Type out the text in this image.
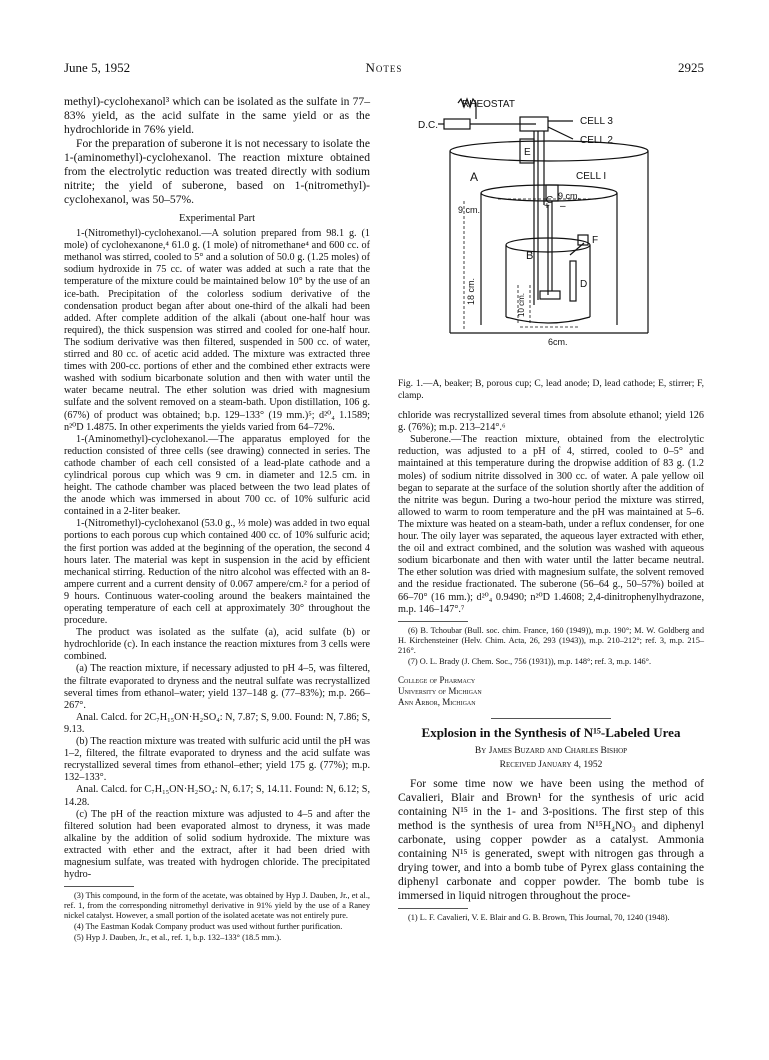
June 5, 1952	Notes	2925

methyl)-cyclohexanol³ which can be isolated as the sulfate in 77–83% yield, as the acid sulfate in the same yield or as the hydrochloride in 76% yield.

For the preparation of suberone it is not necessary to isolate the 1-(aminomethyl)-cyclohexanol. The reaction mixture obtained from the electrolytic reduction was treated directly with sodium nitrite; the yield of suberone, based on 1-(nitromethyl)-cyclohexanol, was 50–57%.

Experimental Part

1-(Nitromethyl)-cyclohexanol.—A solution prepared from 98.1 g. (1 mole) of cyclohexanone,⁴ 61.0 g. (1 mole) of nitromethane⁴ and 600 cc. of methanol was stirred, cooled to 5° and a solution of 50.0 g. (1.25 moles) of sodium hydroxide in 75 cc. of water was added at such a rate that the temperature of the mixture could be maintained below 10° by the use of an ice-bath. Precipitation of the colorless sodium derivative of the condensation product began after about one-third of the alkali had been added. After complete addition of the alkali (about one-half hour was required), the thick suspension was stirred and cooled for one-half hour. The sodium derivative was then filtered, suspended in 500 cc. of water, stirred and 80 cc. of acetic acid added. The mixture was extracted three times with 200-cc. portions of ether and the combined ether extracts were washed with sodium bicarbonate solution and then with water until the water became neutral. The ether solution was dried with magnesium sulfate and the solvent removed on a steam-bath. Upon distillation, 106 g. (67%) of product was obtained; b.p. 129–133° (19 mm.)⁵; d²⁰₄ 1.1589; n²⁰D 1.4875. In other experiments the yields varied from 64–72%.

1-(Aminomethyl)-cyclohexanol.—The apparatus employed for the reduction consisted of three cells (see drawing) connected in series. The cathode chamber of each cell consisted of a lead-plate cathode and a cylindrical porous cup which was 9 cm. in diameter and 12.5 cm. in height. The cathode chamber was placed between the two lead plates of the anode which was immersed in about 700 cc. of 10% sulfuric acid contained in a 2-liter beaker.

1-(Nitromethyl)-cyclohexanol (53.0 g., ⅓ mole) was added in two equal portions to each porous cup which contained 400 cc. of 10% sulfuric acid; the first portion was added at the beginning of the operation, the second 4 hours later. The material was kept in suspension in the acid by efficient mechanical stirring. Reduction of the nitro alcohol was effected with an 8-ampere current and a current density of 0.067 ampere/cm.² for a period of 9 hours. Continuous water-cooling around the beakers maintained the operating temperature of each cell at approximately 30° throughout the procedure.

The product was isolated as the sulfate (a), acid sulfate (b) or hydrochloride (c). In each instance the reaction mixtures from 3 cells were combined.

(a) The reaction mixture, if necessary adjusted to pH 4–5, was filtered, the filtrate evaporated to dryness and the neutral sulfate was recrystallized several times from ethanol–water; yield 137–148 g. (77–83%); m.p. 266–267°.

Anal. Calcd. for 2C₇H₁₅ON·H₂SO₄: N, 7.87; S, 9.00. Found: N, 7.86; S, 9.13.

(b) The reaction mixture was treated with sulfuric acid until the pH was 1–2, filtered, the filtrate evaporated to dryness and the acid sulfate was recrystallized several times from ethanol–ether; yield 175 g. (77%); m.p. 132–133°.

Anal. Calcd. for C₇H₁₅ON·H₂SO₄: N, 6.17; S, 14.11. Found: N, 6.12; S, 14.28.

(c) The pH of the reaction mixture was adjusted to 4–5 and after the filtered solution had been evaporated almost to dryness, it was made alkaline by the addition of solid sodium hydroxide. The mixture was extracted with ether and the extract, after it had been dried with magnesium sulfate, was treated with hydrogen chloride. The precipitated hydro-

(3) This compound, in the form of the acetate, was obtained by Hyp J. Dauben, Jr., et al., ref. 1, from the corresponding nitromethyl derivative in 91% yield by the use of a Raney nickel catalyst. However, a small portion of the isolated acetate was not entirely pure.

(4) The Eastman Kodak Company product was used without further purification.

(5) Hyp J. Dauben, Jr., et al., ref. 1, b.p. 132–133° (18.5 mm.).

RHEOSTAT
D.C.	CELL 3
CELL 2
CELL I
A
E
C
+ –
9 cm.
9 cm.
B
F
D
6cm.
18 cm.	10 cm.
Fig. 1.—A, beaker; B, porous cup; C, lead anode; D, lead cathode; E, stirrer; F, clamp.

chloride was recrystallized several times from absolute ethanol; yield 126 g. (76%); m.p. 213–214°.⁶

Suberone.—The reaction mixture, obtained from the electrolytic reduction, was adjusted to a pH of 4, stirred, cooled to 0–5° and maintained at this temperature during the dropwise addition of 83 g. (1.2 moles) of sodium nitrite dissolved in 300 cc. of water. A pale yellow oil began to separate at the surface of the solution shortly after the addition of the nitrite was begun. During a two-hour period the mixture was stirred, allowed to warm to room temperature and the pH was maintained at 5–6. The mixture was heated on a steam-bath, under a reflux condenser, for one hour. The oily layer was separated, the aqueous layer extracted with ether, the oil and extract combined, and the solution was washed with aqueous sodium bicarbonate and then with water until the latter became neutral. The ether solution was dried with magnesium sulfate, the solvent removed and the residue fractionated. The suberone (56–64 g., 50–57%) boiled at 66–70° (16 mm.); d²⁰₄ 0.9490; n²⁰D 1.4608; 2,4-dinitrophenylhydrazone, m.p. 146–147°.⁷

(6) B. Tchoubar (Bull. soc. chim. France, 160 (1949)), m.p. 190°; M. W. Goldberg and H. Kirchensteiner (Helv. Chim. Acta, 26, 293 (1943)), m.p. 210–212°; ref. 3, m.p. 215–216°.

(7) O. L. Brady (J. Chem. Soc., 756 (1931)), m.p. 148°; ref. 3, m.p. 146°.

College of Pharmacy
University of Michigan
Ann Arbor, Michigan
Explosion in the Synthesis of N¹⁵-Labeled Urea
By James Buzard and Charles Bishop
Received January 4, 1952

For some time now we have been using the method of Cavalieri, Blair and Brown¹ for the synthesis of uric acid containing N¹⁵ in the 1- and 3-positions. The first step of this method is the synthesis of urea from N¹⁵H₄NO₃ and diphenyl carbonate, using copper powder as a catalyst. Ammonia containing N¹⁵ is generated, swept with nitrogen gas through a drying tower, and into a bomb tube of Pyrex glass containing the diphenyl carbonate and copper powder. The bomb tube is immersed in liquid nitrogen throughout the proce-

(1) L. F. Cavalieri, V. E. Blair and G. B. Brown, This Journal, 70, 1240 (1948).
